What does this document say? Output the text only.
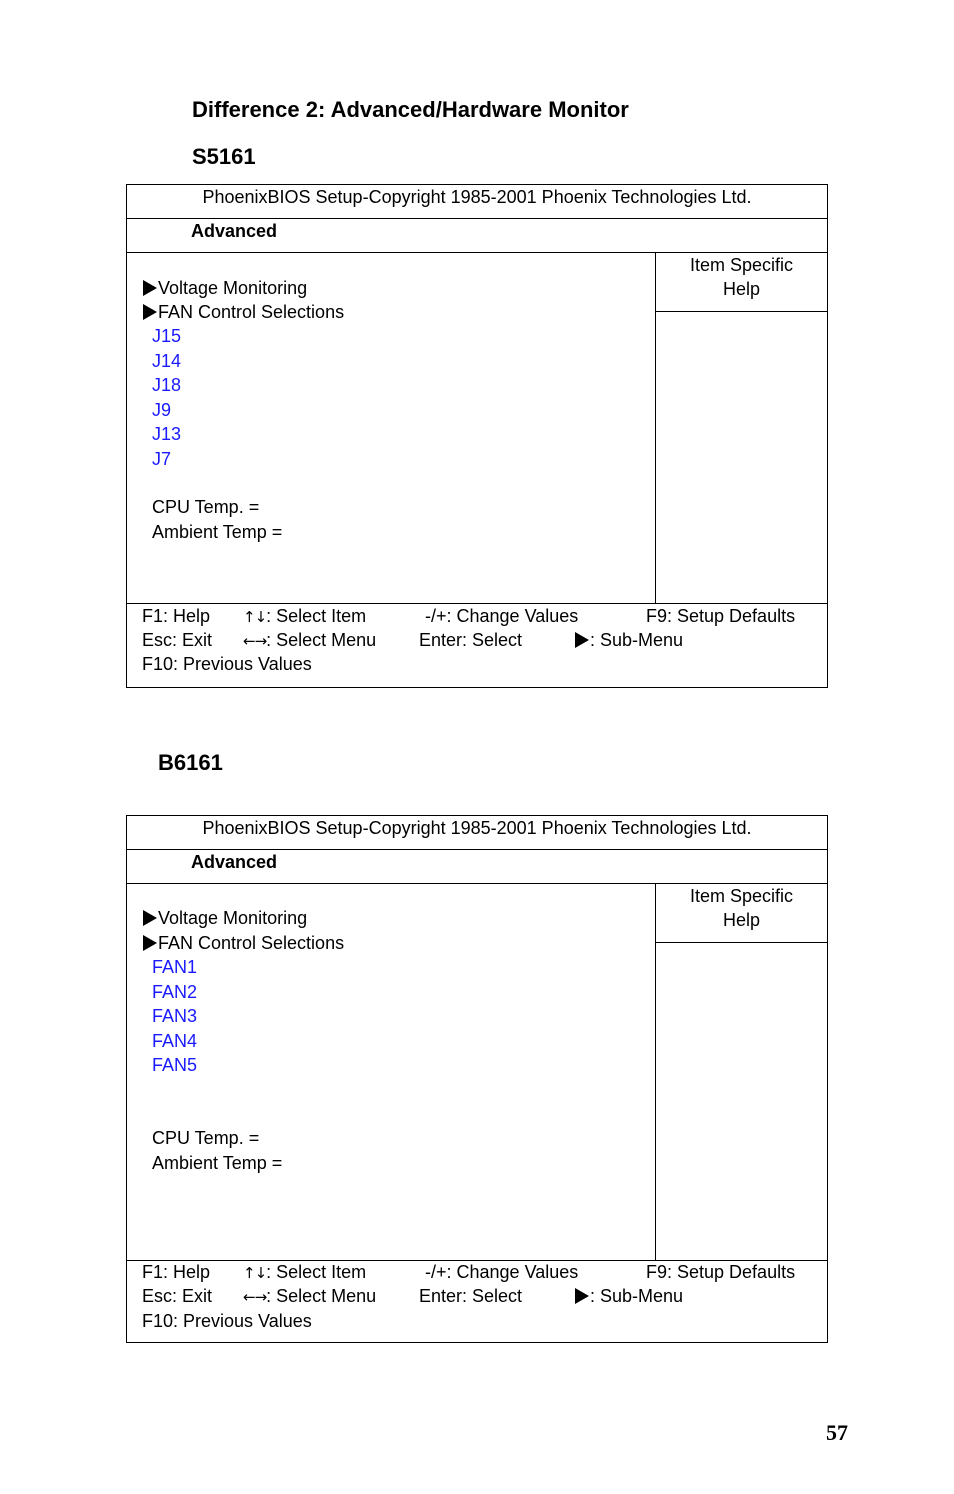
Difference 2: Advanced/Hardware Monitor
S5161
PhoenixBIOS Setup-Copyright 1985-2001 Phoenix Technologies Ltd.
Advanced
Voltage Monitoring
FAN Control Selections
J15
J14
J18
J9
J13
J7
CPU Temp. =
Ambient Temp =
Item Specific
Help
F1: Help ↑↓: Select Item	-/+: Change Values	F9: Setup Defaults
Esc: Exit ←→: Select Menu Enter: Select	: Sub-Menu
F10: Previous Values
B6161
PhoenixBIOS Setup-Copyright 1985-2001 Phoenix Technologies Ltd.
Advanced
Voltage Monitoring
FAN Control Selections
FAN1
FAN2
FAN3
FAN4
FAN5
CPU Temp. =
Ambient Temp =
Item Specific
Help
F1: Help ↑↓: Select Item	-/+: Change Values	F9: Setup Defaults
Esc: Exit ←→: Select Menu Enter: Select	: Sub-Menu
F10: Previous Values
57
